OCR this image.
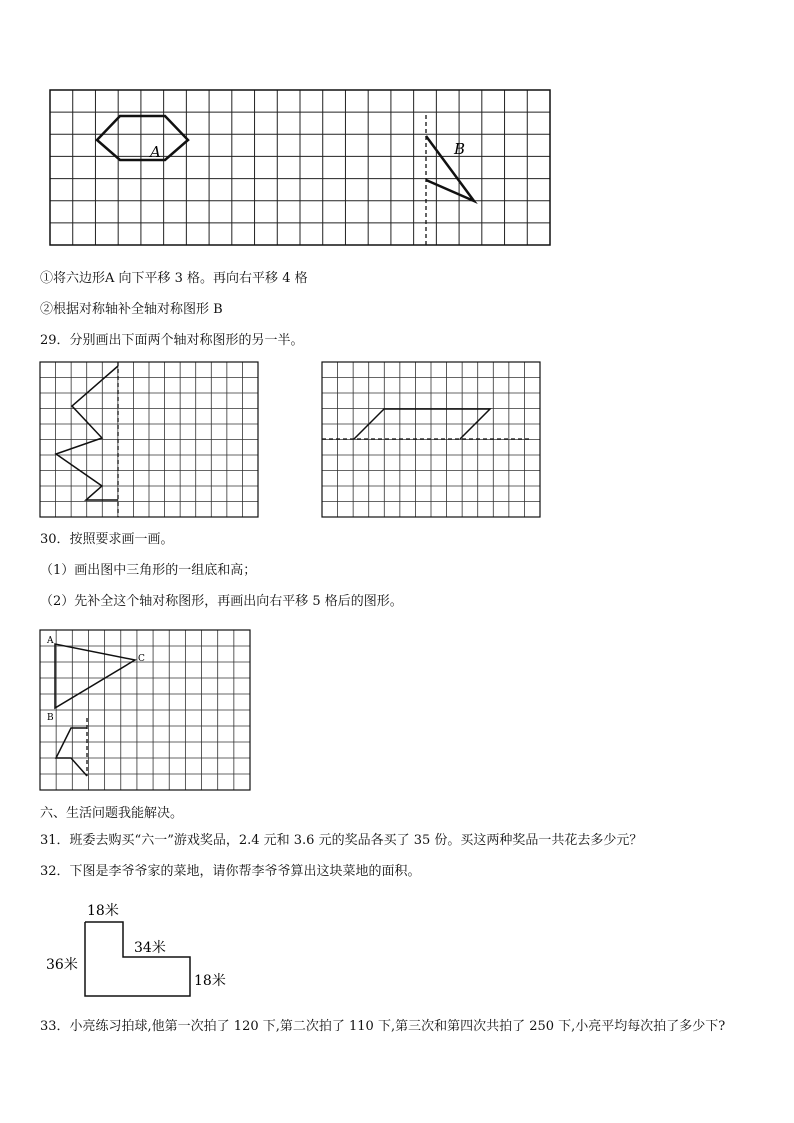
A	B
①将六边形A 向下平移 3 格。再向右平移 4 格
②根据对称轴补全轴对称图形 B
29．分别画出下面两个轴对称图形的另一半。
30．按照要求画一画。
（1）画出图中三角形的一组底和高；
（2）先补全这个轴对称图形，再画出向右平移 5 格后的图形。
A
B
C
六、生活问题我能解决。
31．班委去购买“六一”游戏奖品，2.4 元和 3.6 元的奖品各买了 35 份。买这两种奖品一共花去多少元？
32．下图是李爷爷家的菜地，请你帮李爷爷算出这块菜地的面积。
18米
36米
34米
18米
33．小亮练习拍球,他第一次拍了 120 下,第二次拍了 110 下,第三次和第四次共拍了 250 下,小亮平均每次拍了多少下?
